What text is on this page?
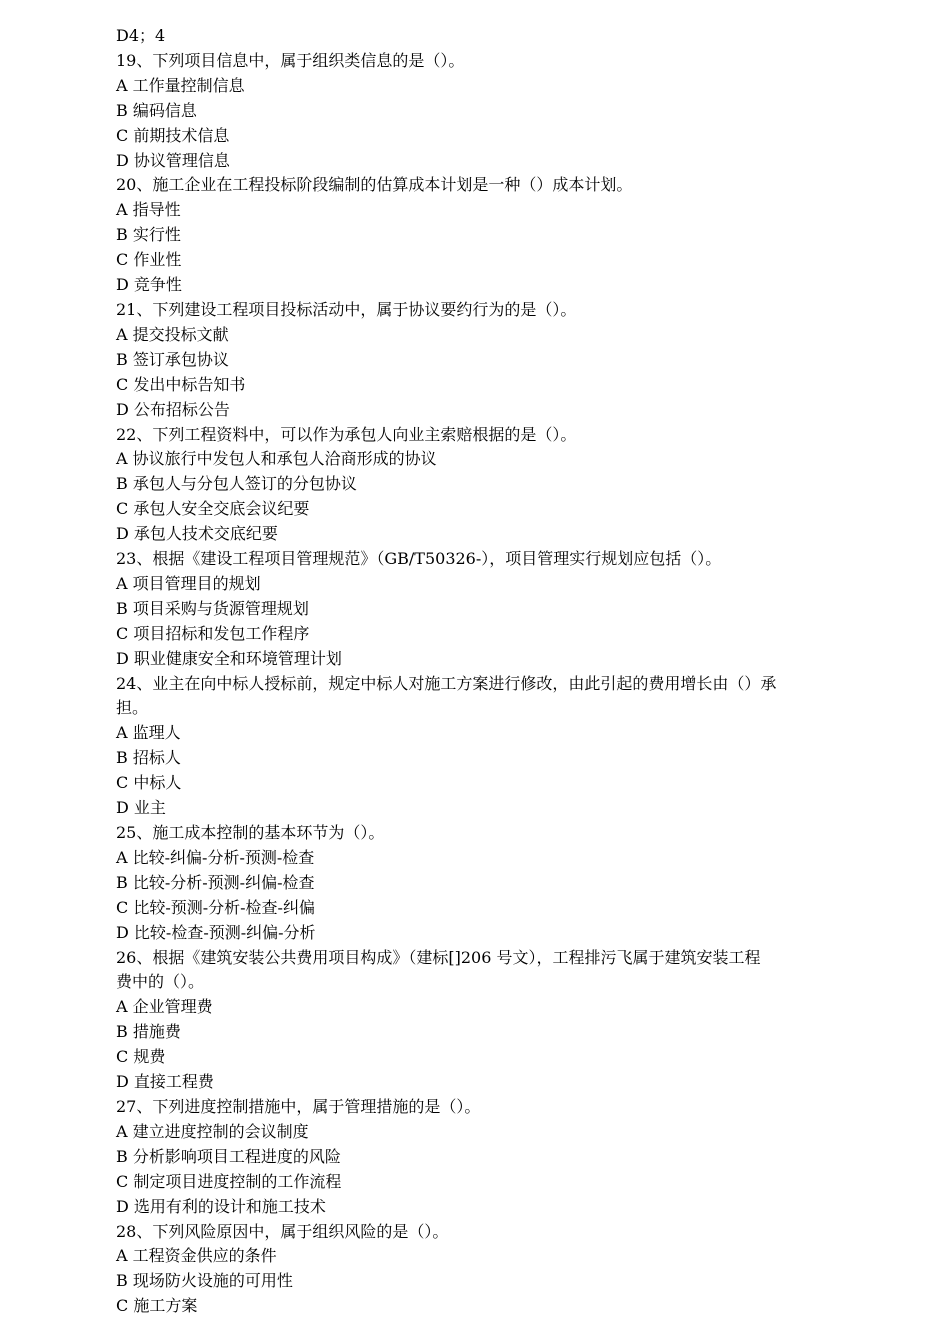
D4；4
19、下列项目信息中，属于组织类信息的是（）。
A 工作量控制信息
B 编码信息
C 前期技术信息
D 协议管理信息
20、施工企业在工程投标阶段编制的估算成本计划是一种（）成本计划。
A 指导性
B 实行性
C 作业性
D 竞争性
21、下列建设工程项目投标活动中，属于协议要约行为的是（）。
A 提交投标文献
B 签订承包协议
C 发出中标告知书
D 公布招标公告
22、下列工程资料中，可以作为承包人向业主索赔根据的是（）。
A 协议旅行中发包人和承包人洽商形成的协议
B 承包人与分包人签订的分包协议
C 承包人安全交底会议纪要
D 承包人技术交底纪要
23、根据《建设工程项目管理规范》（GB/T50326-），项目管理实行规划应包括（）。
A 项目管理目的规划
B 项目采购与货源管理规划
C 项目招标和发包工作程序
D 职业健康安全和环境管理计划
24、业主在向中标人授标前，规定中标人对施工方案进行修改，由此引起的费用增长由（）承
担。
A 监理人
B 招标人
C 中标人
D 业主
25、施工成本控制的基本环节为（）。
A 比较-纠偏-分析-预测-检查
B 比较-分析-预测-纠偏-检查
C 比较-预测-分析-检查-纠偏
D 比较-检查-预测-纠偏-分析
26、根据《建筑安装公共费用项目构成》（建标[]206 号文），工程排污飞属于建筑安装工程
费中的（）。
A 企业管理费
B 措施费
C 规费
D 直接工程费
27、下列进度控制措施中，属于管理措施的是（）。
A 建立进度控制的会议制度
B 分析影响项目工程进度的风险
C 制定项目进度控制的工作流程
D 选用有利的设计和施工技术
28、下列风险原因中，属于组织风险的是（）。
A 工程资金供应的条件
B 现场防火设施的可用性
C 施工方案
